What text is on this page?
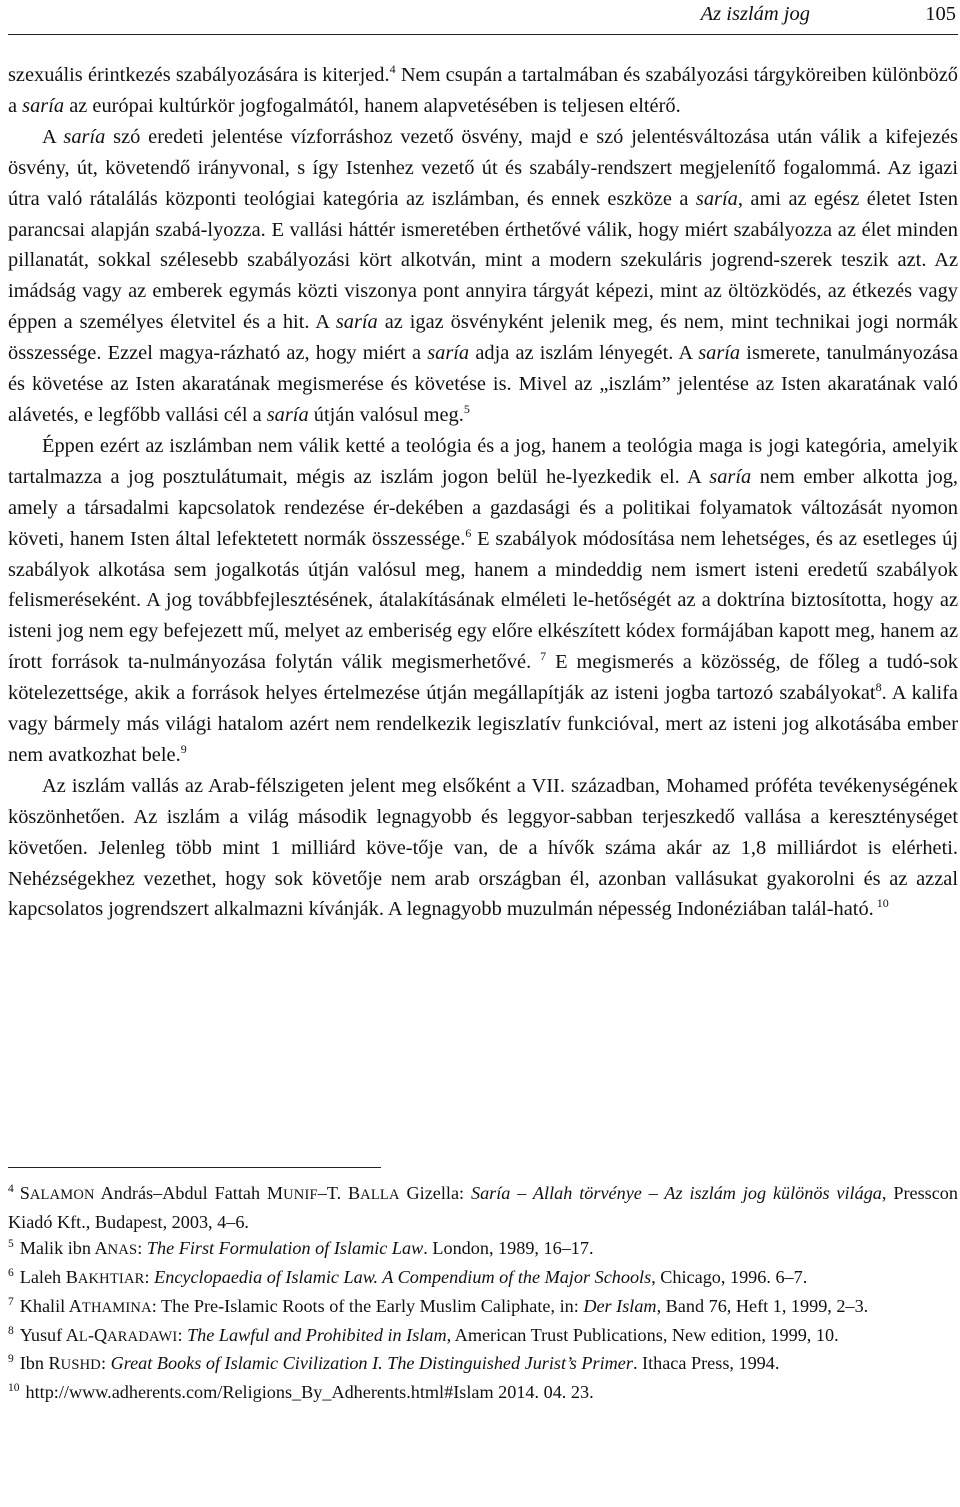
Az iszlám jog	105

szexuális érintkezés szabályozására is kiterjed.$^4$ Nem csupán a tartalmában és szabályozási tárgyköreiben különböző a saría az európai kultúrkör jogfogalmától, hanem alapvetésében is teljesen eltérő.

A saría szó eredeti jelentése vízforráshoz vezető ösvény, majd e szó jelentésváltozása után válik a kifejezés ösvény, út, követendő irányvonal, s így Istenhez vezető út és szabály-rendszert megjelenítő fogalommá. Az igazi útra való rátalálás központi teológiai kategória az iszlámban, és ennek eszköze a saría, ami az egész életet Isten parancsai alapján szabá-lyozza. E vallási háttér ismeretében érthetővé válik, hogy miért szabályozza az élet minden pillanatát, sokkal szélesebb szabályozási kört alkotván, mint a modern szekuláris jogrend-szerek teszik azt. Az imádság vagy az emberek egymás közti viszonya pont annyira tárgyát képezi, mint az öltözködés, az étkezés vagy éppen a személyes életvitel és a hit. A saría az igaz ösvényként jelenik meg, és nem, mint technikai jogi normák összessége. Ezzel magya-rázható az, hogy miért a saría adja az iszlám lényegét. A saría ismerete, tanulmányozása és követése az Isten akaratának megismerése és követése is. Mivel az „iszlám” jelentése az Isten akaratának való alávetés, e legfőbb vallási cél a saría útján valósul meg.$^5$

Éppen ezért az iszlámban nem válik ketté a teológia és a jog, hanem a teológia maga is jogi kategória, amelyik tartalmazza a jog posztulátumait, mégis az iszlám jogon belül he-lyezkedik el. A saría nem ember alkotta jog, amely a társadalmi kapcsolatok rendezése ér-dekében a gazdasági és a politikai folyamatok változását nyomon követi, hanem Isten által lefektetett normák összessége.$^6$ E szabályok módosítása nem lehetséges, és az esetleges új szabályok alkotása sem jogalkotás útján valósul meg, hanem a mindeddig nem ismert isteni eredetű szabályok felismeréseként. A jog továbbfejlesztésének, átalakításának elméleti le-hetőségét az a doktrína biztosította, hogy az isteni jog nem egy befejezett mű, melyet az emberiség egy előre elkészített kódex formájában kapott meg, hanem az írott források ta-nulmányozása folytán válik megismerhetővé. $^7$ E megismerés a közösség, de főleg a tudó-sok kötelezettsége, akik a források helyes értelmezése útján megállapítják az isteni jogba tartozó szabályokat$^8$. A kalifa vagy bármely más világi hatalom azért nem rendelkezik legiszlatív funkcióval, mert az isteni jog alkotásába ember nem avatkozhat bele.$^9$

Az iszlám vallás az Arab-félszigeten jelent meg elsőként a VII. században, Mohamed próféta tevékenységének köszönhetően. Az iszlám a világ második legnagyobb és leggyor-sabban terjeszkedő vallása a kereszténységet követően. Jelenleg több mint 1 milliárd köve-tője van, de a hívők száma akár az 1,8 milliárdot is elérheti. Nehézségekhez vezethet, hogy sok követője nem arab országban él, azonban vallásukat gyakorolni és az azzal kapcsolatos jogrendszert alkalmazni kívánják. A legnagyobb muzulmán népesség Indonéziában talál-ható. $^{10}$

$^4$ SALAMON András–Abdul Fattah MUNIF–T. BALLA Gizella: Saría – Allah törvénye – Az iszlám jog különös világa, Presscon Kiadó Kft., Budapest, 2003, 4–6.

$^5$ Malik ibn ANAS: The First Formulation of Islamic Law. London, 1989, 16–17.

$^6$ Laleh BAKHTIAR: Encyclopaedia of Islamic Law. A Compendium of the Major Schools, Chicago, 1996. 6–7.

$^7$ Khalil ATHAMINA: The Pre-Islamic Roots of the Early Muslim Caliphate, in: Der Islam, Band 76, Heft 1, 1999, 2–3.

$^8$ Yusuf AL-QARADAWI: The Lawful and Prohibited in Islam, American Trust Publications, New edition, 1999, 10.

$^9$ Ibn RUSHD: Great Books of Islamic Civilization I. The Distinguished Jurist’s Primer. Ithaca Press, 1994.

$^{10}$ http://www.adherents.com/Religions_By_Adherents.html#Islam 2014. 04. 23.
